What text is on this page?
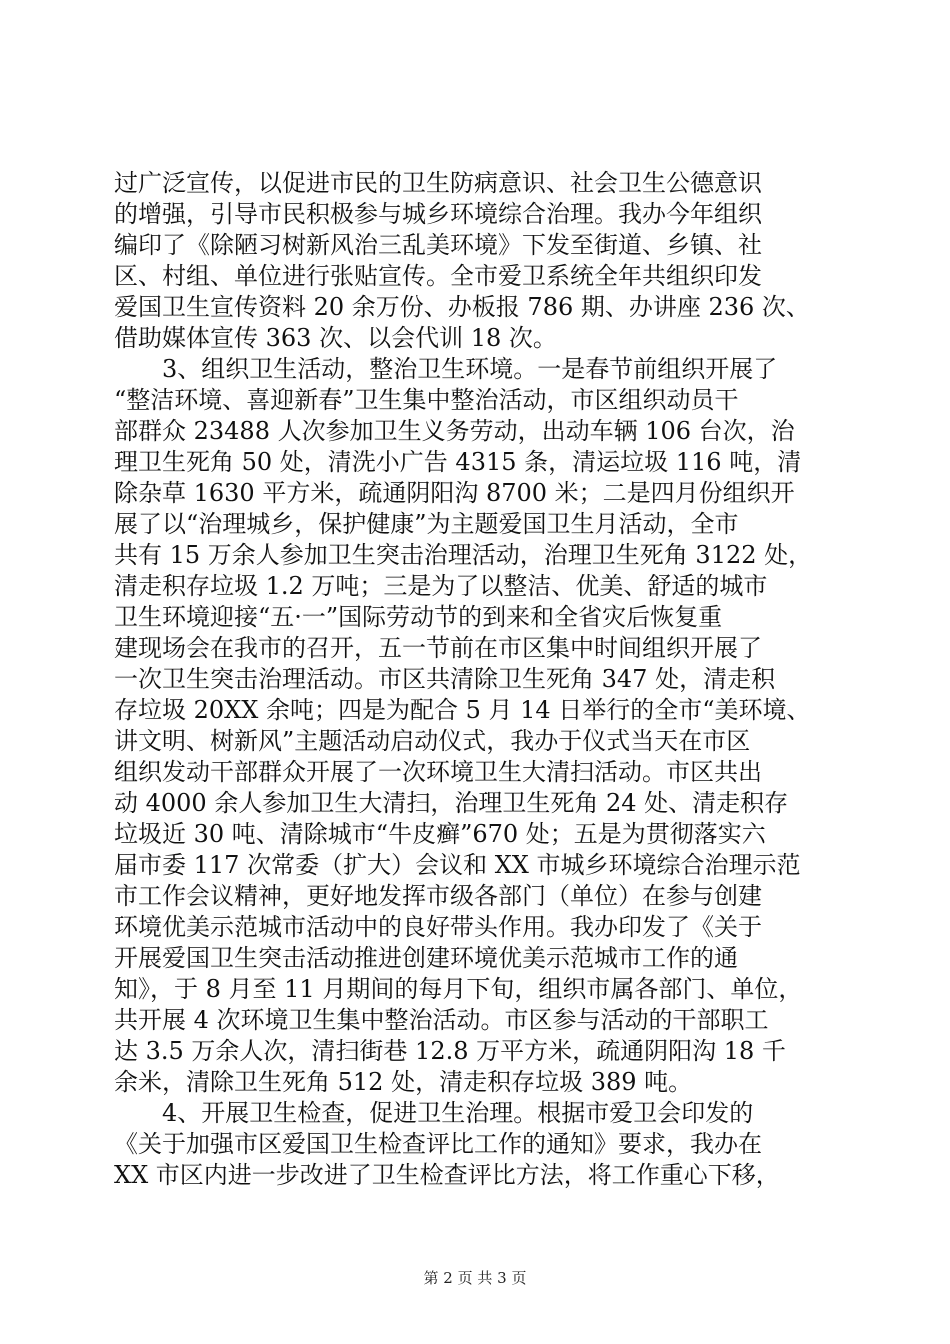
过广泛宣传，以促进市民的卫生防病意识、社会卫生公德意识
的增强，引导市民积极参与城乡环境综合治理。我办今年组织
编印了《除陋习树新风治三乱美环境》下发至街道、乡镇、社
区、村组、单位进行张贴宣传。全市爱卫系统全年共组织印发
爱国卫生宣传资料 20 余万份、办板报 786 期、办讲座 236 次、
借助媒体宣传 363 次、以会代训 18 次。
　　3、组织卫生活动，整治卫生环境。一是春节前组织开展了
“整洁环境、喜迎新春”卫生集中整治活动，市区组织动员干
部群众 23488 人次参加卫生义务劳动，出动车辆 106 台次，治
理卫生死角 50 处，清洗小广告 4315 条，清运垃圾 116 吨，清
除杂草 1630 平方米，疏通阴阳沟 8700 米；二是四月份组织开
展了以“治理城乡，保护健康”为主题爱国卫生月活动，全市
共有 15 万余人参加卫生突击治理活动，治理卫生死角 3122 处，
清走积存垃圾 1.2 万吨；三是为了以整洁、优美、舒适的城市
卫生环境迎接“五·一”国际劳动节的到来和全省灾后恢复重
建现场会在我市的召开，五一节前在市区集中时间组织开展了
一次卫生突击治理活动。市区共清除卫生死角 347 处，清走积
存垃圾 20XX 余吨；四是为配合 5 月 14 日举行的全市“美环境、
讲文明、树新风”主题活动启动仪式，我办于仪式当天在市区
组织发动干部群众开展了一次环境卫生大清扫活动。市区共出
动 4000 余人参加卫生大清扫，治理卫生死角 24 处、清走积存
垃圾近 30 吨、清除城市“牛皮癣”670 处；五是为贯彻落实六
届市委 117 次常委（扩大）会议和 XX 市城乡环境综合治理示范
市工作会议精神，更好地发挥市级各部门（单位）在参与创建
环境优美示范城市活动中的良好带头作用。我办印发了《关于
开展爱国卫生突击活动推进创建环境优美示范城市工作的通
知》，于 8 月至 11 月期间的每月下旬，组织市属各部门、单位，
共开展 4 次环境卫生集中整治活动。市区参与活动的干部职工
达 3.5 万余人次，清扫街巷 12.8 万平方米，疏通阴阳沟 18 千
余米，清除卫生死角 512 处，清走积存垃圾 389 吨。
　　4、开展卫生检查，促进卫生治理。根据市爱卫会印发的
《关于加强市区爱国卫生检查评比工作的通知》要求，我办在
XX 市区内进一步改进了卫生检查评比方法，将工作重心下移，
第 2 页 共 3 页
